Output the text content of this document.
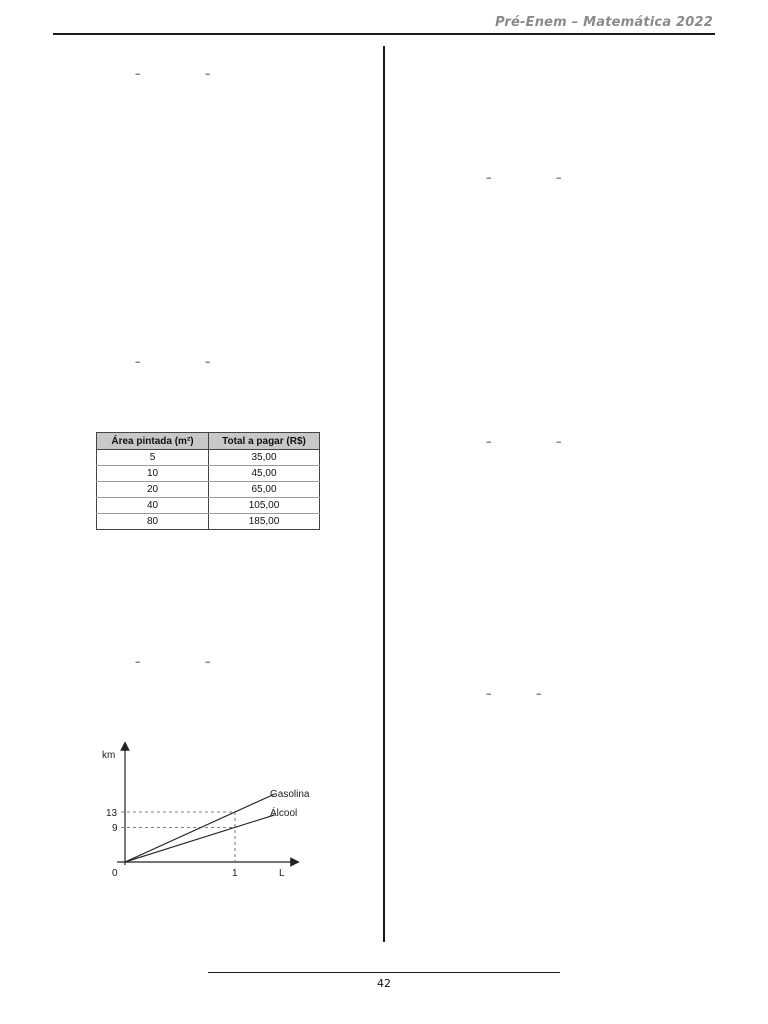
Pré-Enem – Matemática 2022
–	–
–	–
–	–
–	–
–	–
–	–
Área pintada (m²)	Total a pagar (R$)
5	35,00
10	45,00
20	65,00
40	105,00
80	185,00
km
L
0	1
13
9
Gasolina
Álcool
42
